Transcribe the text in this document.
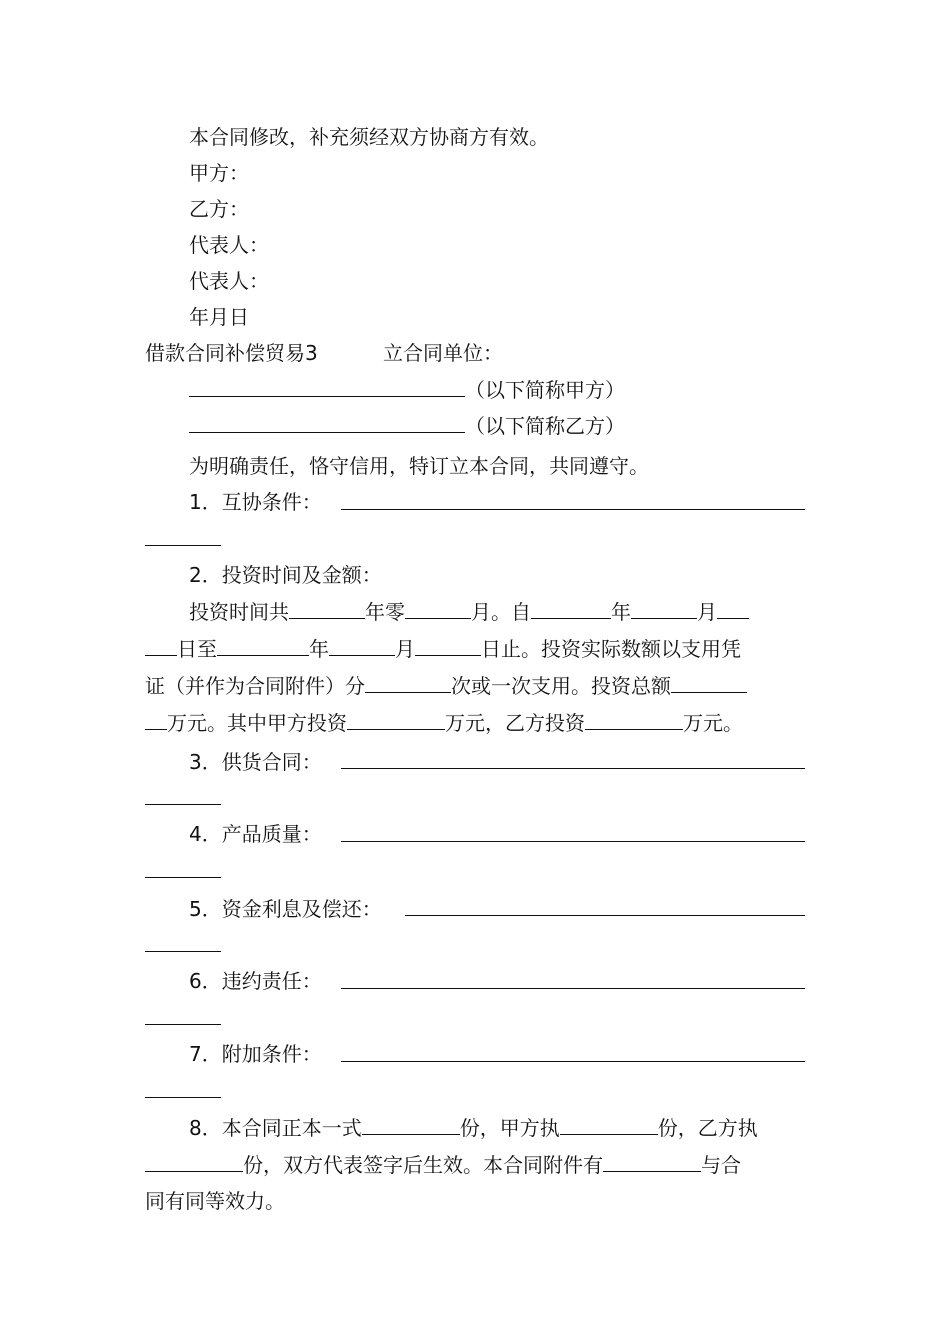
本合同修改，补充须经双方协商方有效。
甲方：
乙方：
代表人：
代表人：
年月日
借款合同补偿贸易3	立合同单位：
（以下简称甲方）
（以下简称乙方）
为明确责任，恪守信用，特订立本合同，共同遵守。
1．互协条件：
2．投资时间及金额：
投资时间共	年零	月。自	年	月
日至	年	月	日止。投资实际数额以支用凭
证（并作为合同附件）分	次或一次支用。投资总额
万元。其中甲方投资	万元，乙方投资	万元。
3．供货合同：
4．产品质量：
5．资金利息及偿还：
6．违约责任：
7．附加条件：
8．本合同正本一式	份，甲方执	份，乙方执
份，双方代表签字后生效。本合同附件有	与合
同有同等效力。
